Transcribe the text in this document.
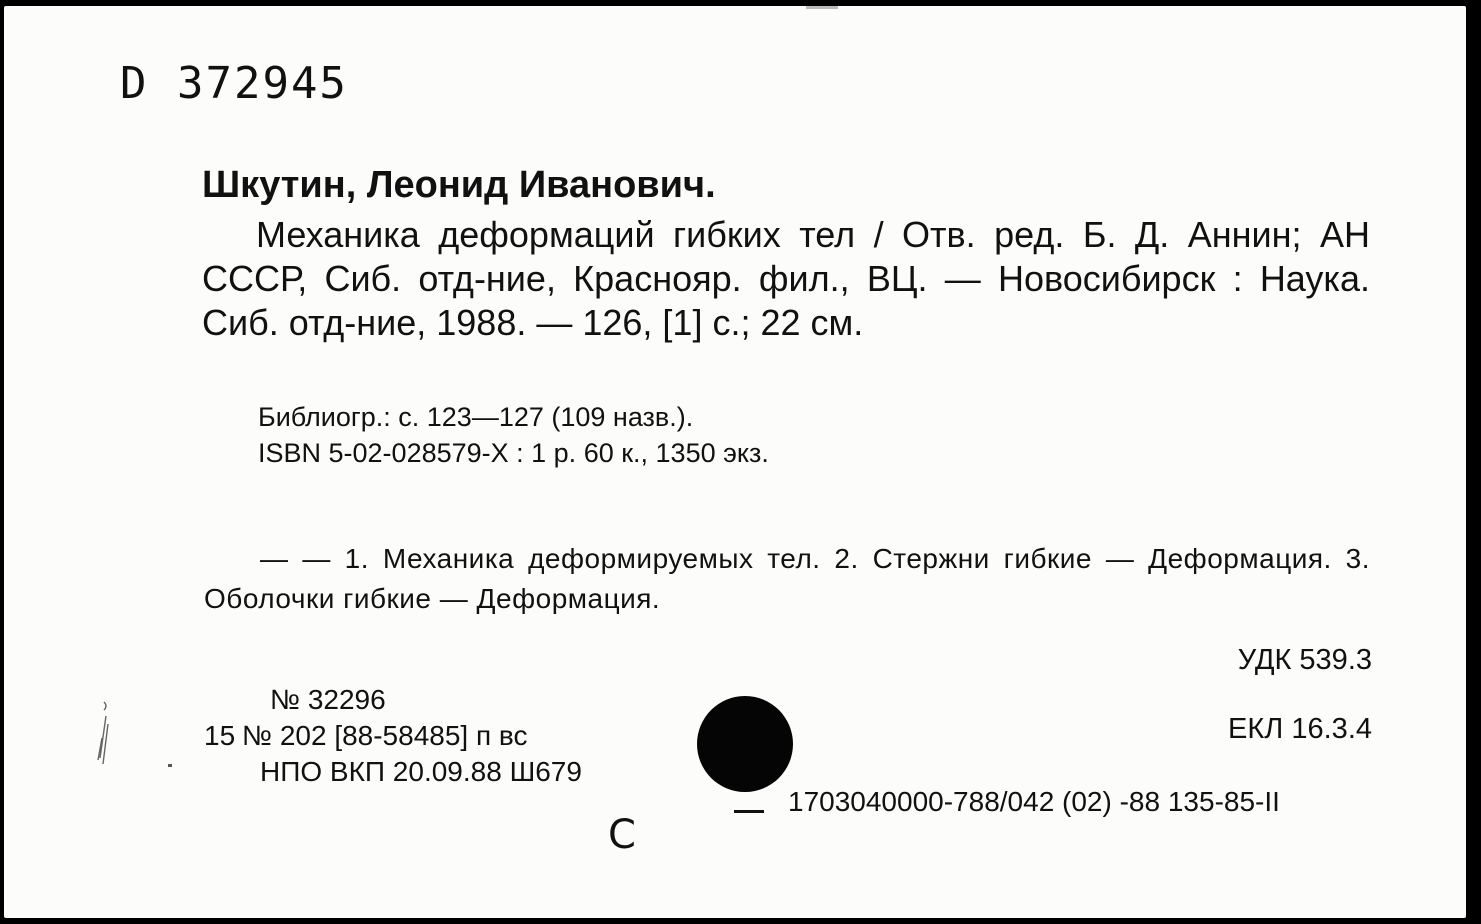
D 372945
Шкутин, Леонид Иванович.

Механика деформаций гибких тел / Отв. ред. Б. Д. Аннин; АН СССР, Сиб. отд-ние, Краснояр. фил., ВЦ. — Новосибирск : Наука. Сиб. отд-ние, 1988. — 126, [1] с.; 22 см.

Библиогр.: с. 123—127 (109 назв.).
ISBN 5-02-028579-X : 1 р. 60 к., 1350 экз.

— — 1. Механика деформируемых тел. 2. Стержни гибкие — Деформация. 3. Оболочки гибкие — Деформация.

УДК 539.3
ЕКЛ 16.3.4
№ 32296
15 № 202 [88-58485] п вс
НПО ВКП 20.09.88 Ш679
1703040000-788/042 (02) -88 135-85-II
С
